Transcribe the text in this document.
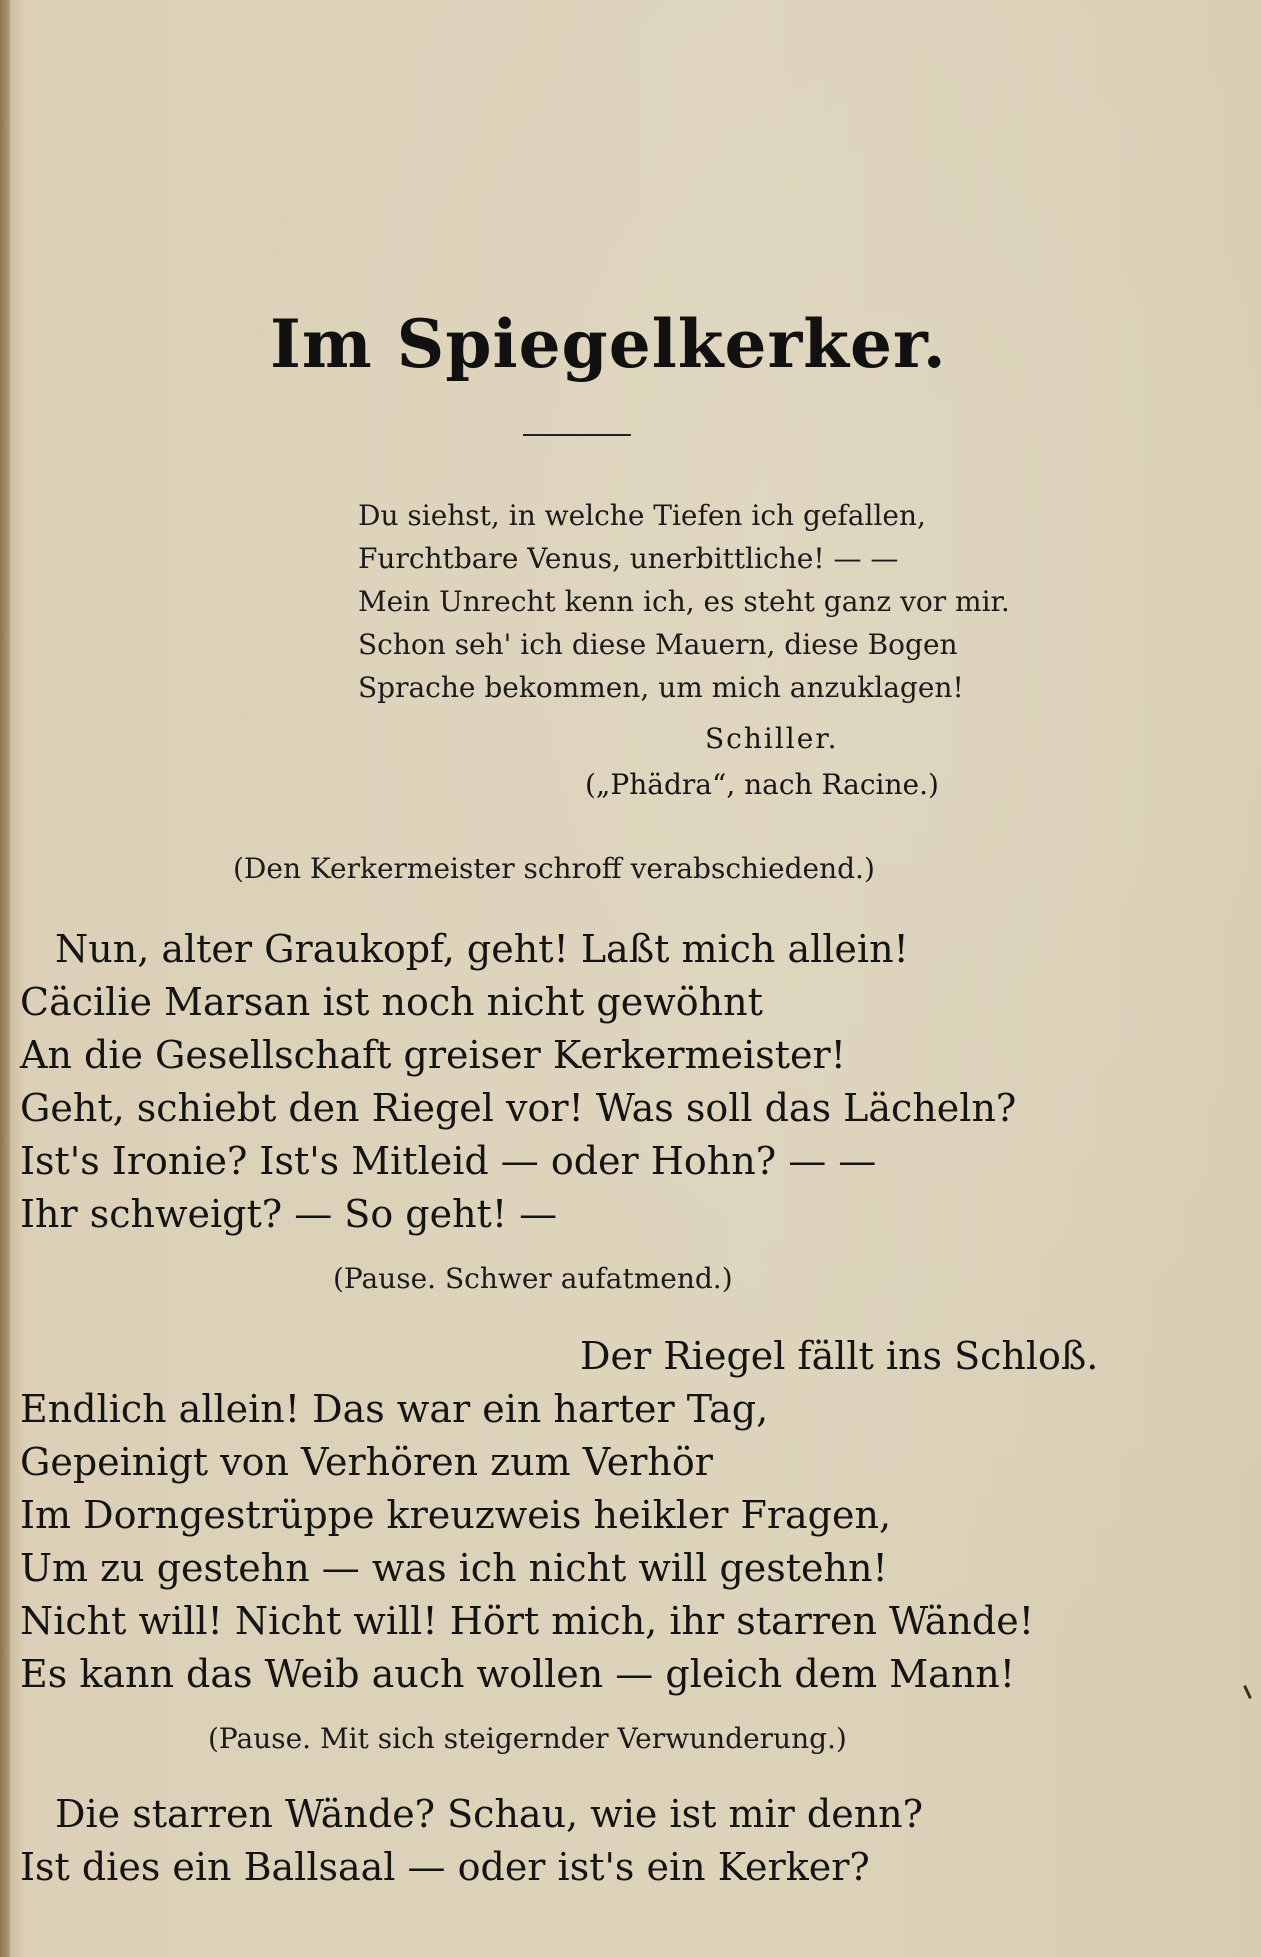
Im Spiegelkerker.
Du siehst, in welche Tiefen ich gefallen,
Furchtbare Venus, unerbittliche! — —
Mein Unrecht kenn ich, es steht ganz vor mir.
Schon seh' ich diese Mauern, diese Bogen
Sprache bekommen, um mich anzuklagen!
Schiller.
(„Phädra“, nach Racine.)
(Den Kerkermeister schroff verabschiedend.)
Nun, alter Graukopf, geht! Laßt mich allein!
Cäcilie Marsan ist noch nicht gewöhnt
An die Gesellschaft greiser Kerkermeister!
Geht, schiebt den Riegel vor! Was soll das Lächeln?
Ist's Ironie? Ist's Mitleid — oder Hohn? — —
Ihr schweigt? — So geht! —
(Pause. Schwer aufatmend.)
Der Riegel fällt ins Schloß.
Endlich allein! Das war ein harter Tag,
Gepeinigt von Verhören zum Verhör
Im Dorngestrüppe kreuzweis heikler Fragen,
Um zu gestehn — was ich nicht will gestehn!
Nicht will! Nicht will! Hört mich, ihr starren Wände!
Es kann das Weib auch wollen — gleich dem Mann!
(Pause. Mit sich steigernder Verwunderung.)
Die starren Wände? Schau, wie ist mir denn?
Ist dies ein Ballsaal — oder ist's ein Kerker?
